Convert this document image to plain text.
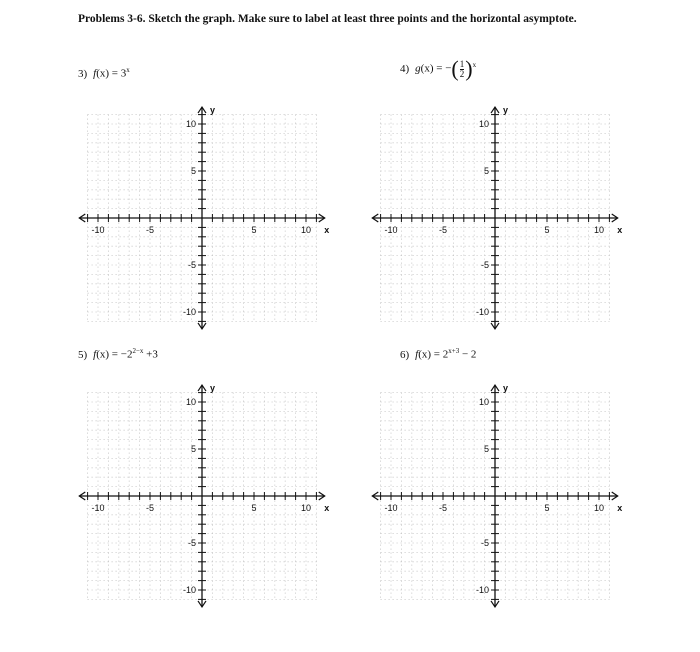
Problems 3-6. Sketch the graph. Make sure to label at least three points and the horizontal asymptote.
3) $f(x) = 3^x$	4) g(x) = −( $\frac{1}{2} )^x$
5) $f(x) = -2^{2-x} +3$	6) $f(x) = 2^{x+3} - 2$
-10	-5	5	10
10
5
-5
-10
x
y
-10	-5	5	10
10
5
-5
-10
x
y
-10	-5	5	10
10
5
-5
-10
x
y
-10	-5	5	10
10
5
-5
-10
x
y
